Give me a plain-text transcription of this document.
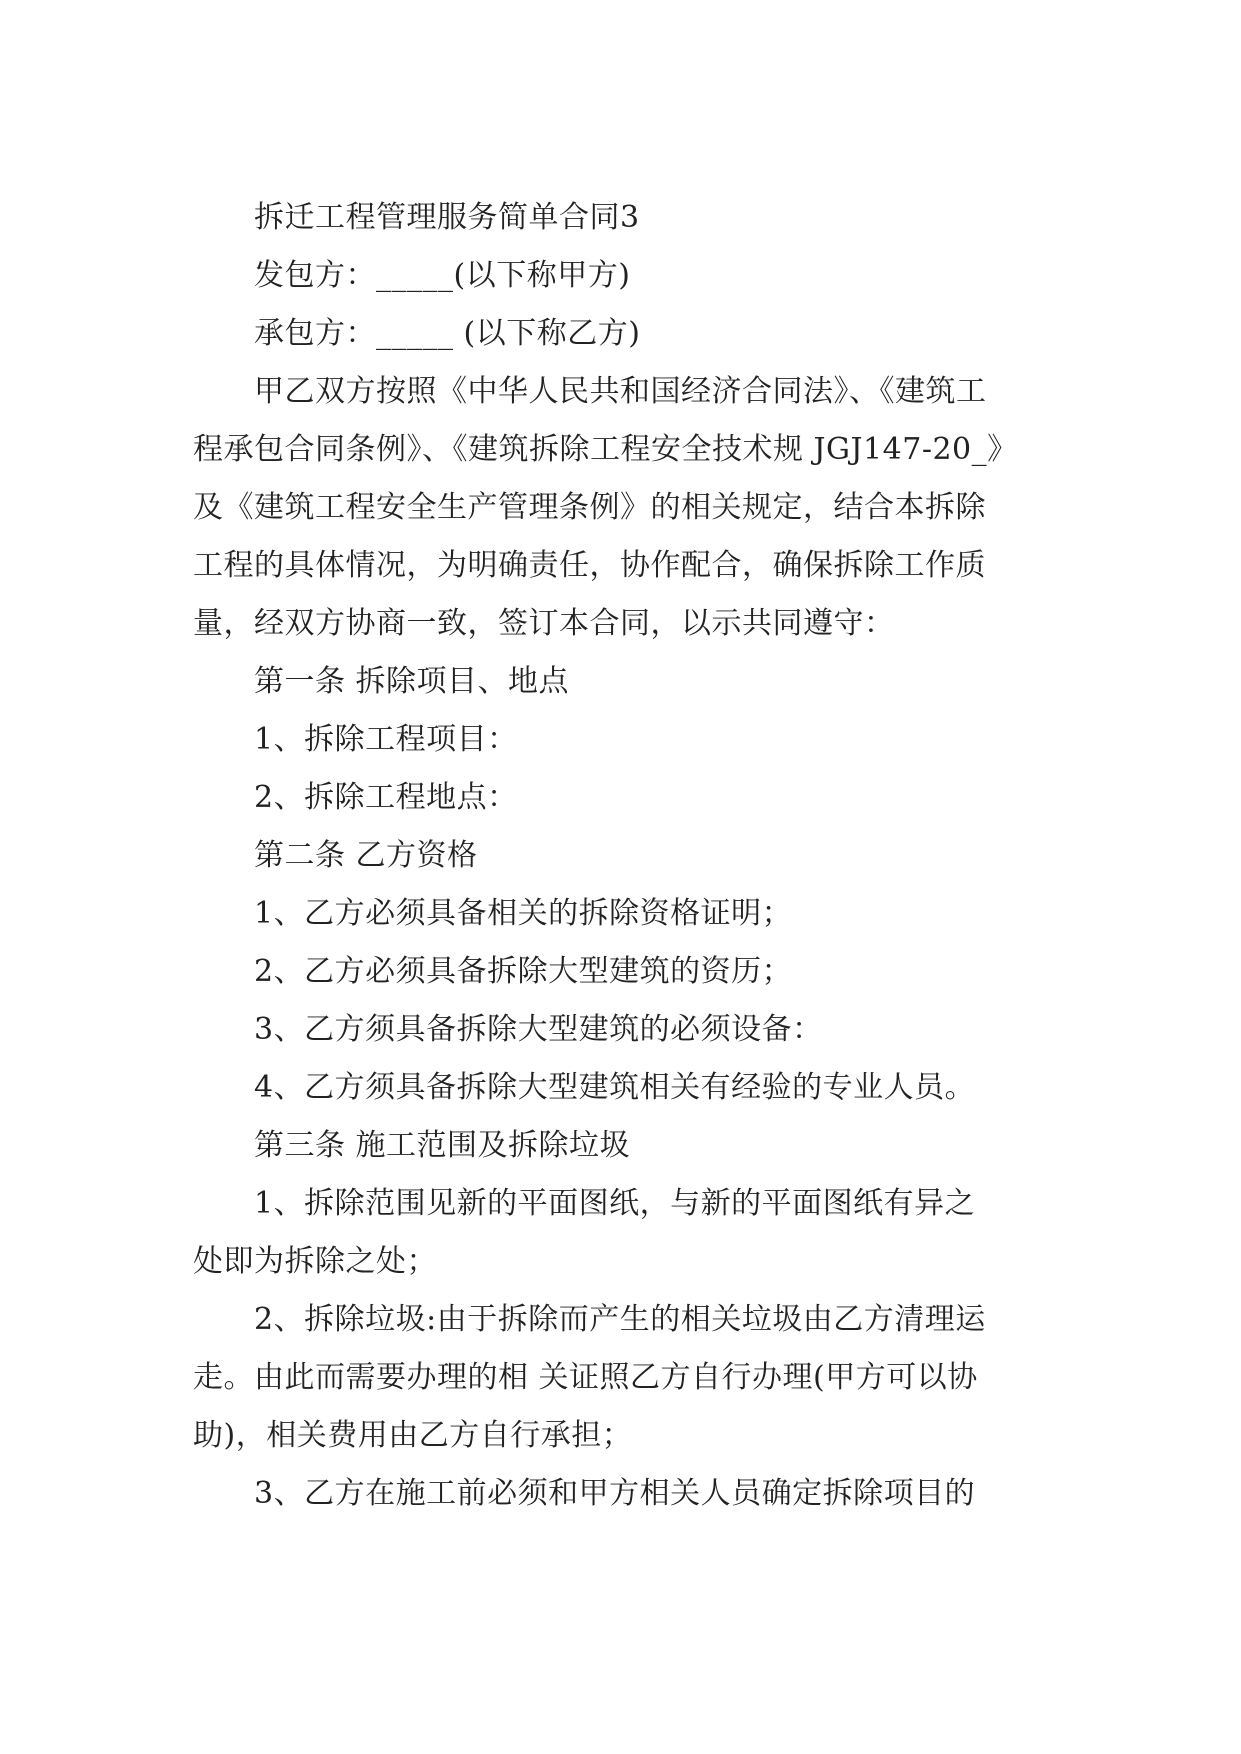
拆迁工程管理服务简单合同3
发包方：_____(以下称甲方)
承包方：_____ (以下称乙方)
甲乙双方按照《中华人民共和国经济合同法》、《建筑工
程承包合同条例》、《建筑拆除工程安全技术规 JGJ147-20_》
及《建筑工程安全生产管理条例》的相关规定，结合本拆除
工程的具体情况，为明确责任，协作配合，确保拆除工作质
量，经双方协商一致，签订本合同，以示共同遵守：
第一条 拆除项目、地点
1、拆除工程项目：
2、拆除工程地点：
第二条 乙方资格
1、乙方必须具备相关的拆除资格证明；
2、乙方必须具备拆除大型建筑的资历；
3、乙方须具备拆除大型建筑的必须设备：
4、乙方须具备拆除大型建筑相关有经验的专业人员。
第三条 施工范围及拆除垃圾
1、拆除范围见新的平面图纸，与新的平面图纸有异之
处即为拆除之处；
2、拆除垃圾:由于拆除而产生的相关垃圾由乙方清理运
走。由此而需要办理的相 关证照乙方自行办理(甲方可以协
助)，相关费用由乙方自行承担；
3、乙方在施工前必须和甲方相关人员确定拆除项目的
